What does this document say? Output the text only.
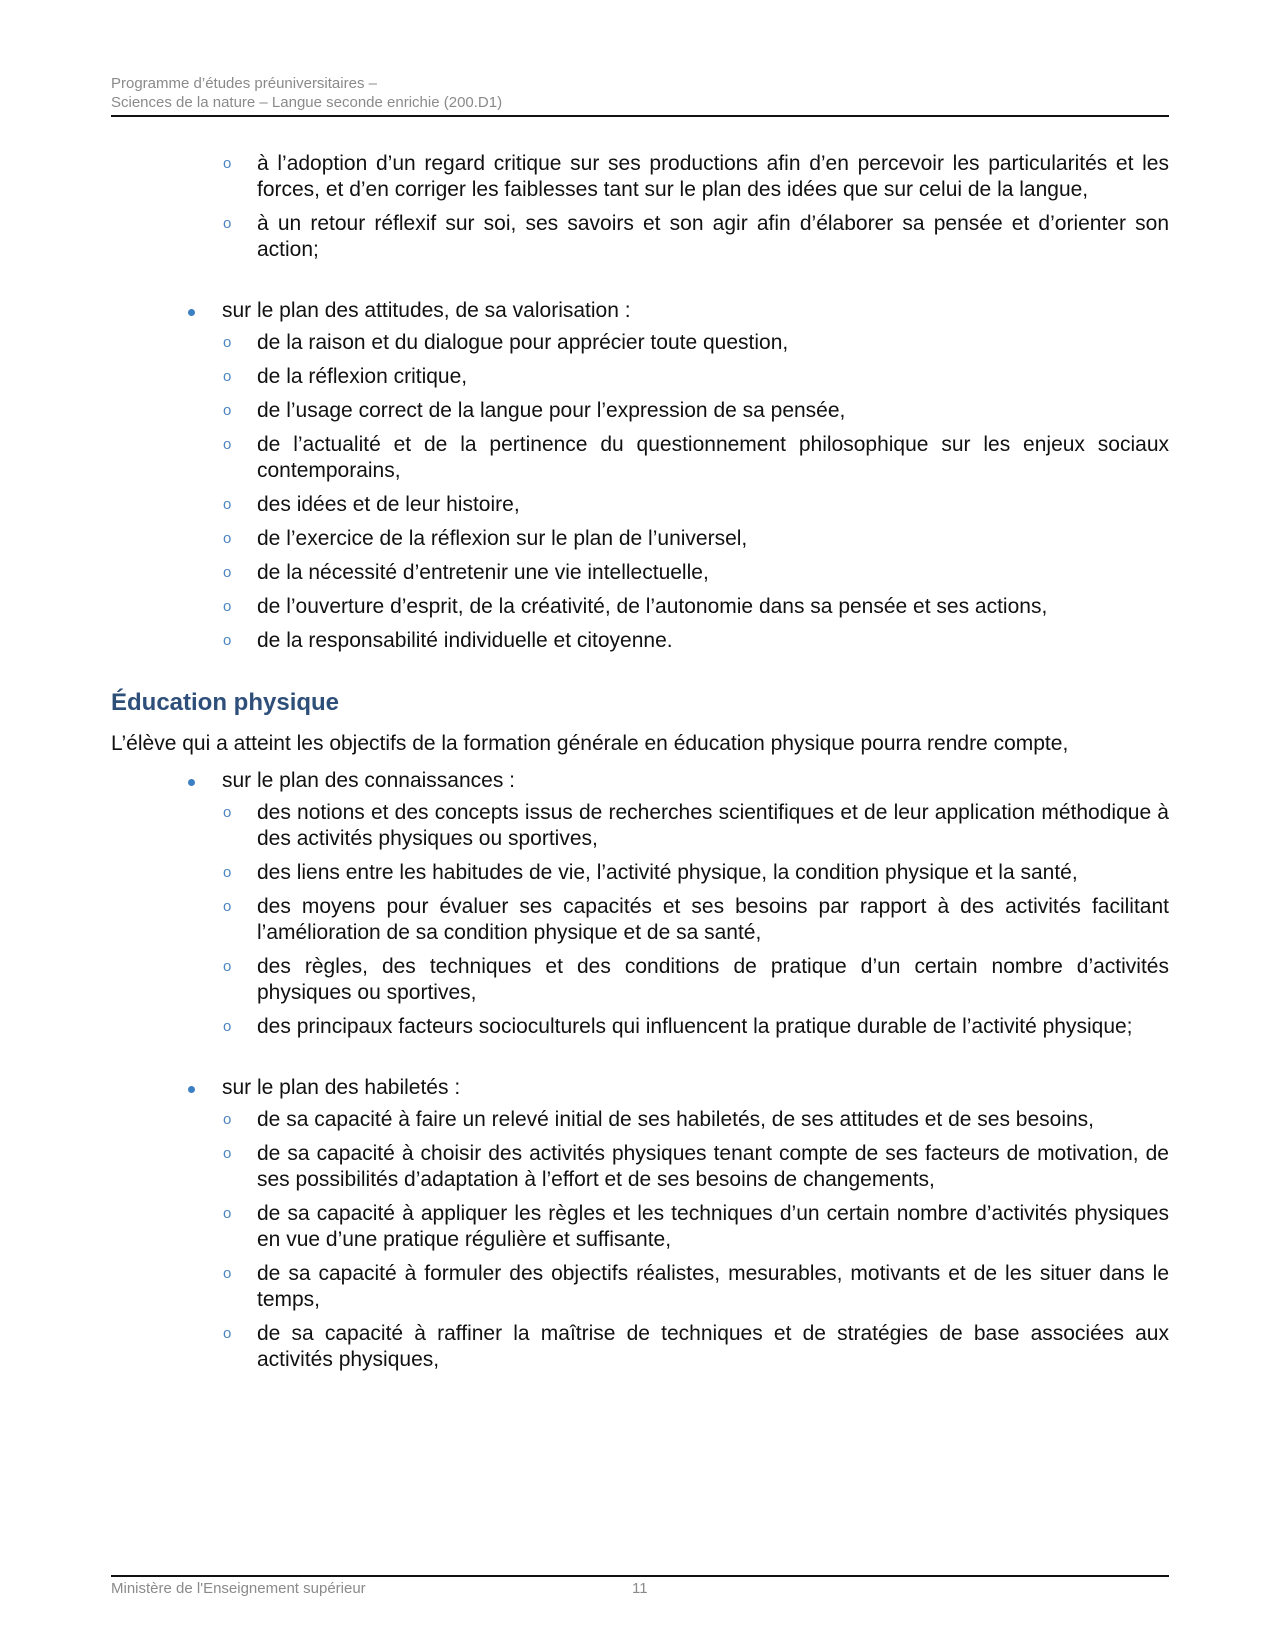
Programme d’études préuniversitaires –
Sciences de la nature – Langue seconde enrichie (200.D1)
o à l’adoption d’un regard critique sur ses productions afin d’en percevoir les particularités et les forces, et d’en corriger les faiblesses tant sur le plan des idées que sur celui de la langue,
o à un retour réflexif sur soi, ses savoirs et son agir afin d’élaborer sa pensée et d’orienter son action;
sur le plan des attitudes, de sa valorisation :
o de la raison et du dialogue pour apprécier toute question,
o de la réflexion critique,
o de l’usage correct de la langue pour l’expression de sa pensée,
o de l’actualité et de la pertinence du questionnement philosophique sur les enjeux sociaux contemporains,
o des idées et de leur histoire,
o de l’exercice de la réflexion sur le plan de l’universel,
o de la nécessité d’entretenir une vie intellectuelle,
o de l’ouverture d’esprit, de la créativité, de l’autonomie dans sa pensée et ses actions,
o de la responsabilité individuelle et citoyenne.
Éducation physique
L’élève qui a atteint les objectifs de la formation générale en éducation physique pourra rendre compte,
sur le plan des connaissances :
o des notions et des concepts issus de recherches scientifiques et de leur application méthodique à des activités physiques ou sportives,
o des liens entre les habitudes de vie, l’activité physique, la condition physique et la santé,
o des moyens pour évaluer ses capacités et ses besoins par rapport à des activités facilitant l’amélioration de sa condition physique et de sa santé,
o des règles, des techniques et des conditions de pratique d’un certain nombre d’activités physiques ou sportives,
o des principaux facteurs socioculturels qui influencent la pratique durable de l’activité physique;
sur le plan des habiletés :
o de sa capacité à faire un relevé initial de ses habiletés, de ses attitudes et de ses besoins,
o de sa capacité à choisir des activités physiques tenant compte de ses facteurs de motivation, de ses possibilités d’adaptation à l’effort et de ses besoins de changements,
o de sa capacité à appliquer les règles et les techniques d’un certain nombre d’activités physiques en vue d’une pratique régulière et suffisante,
o de sa capacité à formuler des objectifs réalistes, mesurables, motivants et de les situer dans le temps,
o de sa capacité à raffiner la maîtrise de techniques et de stratégies de base associées aux activités physiques,
Ministère de l'Enseignement supérieur	11
